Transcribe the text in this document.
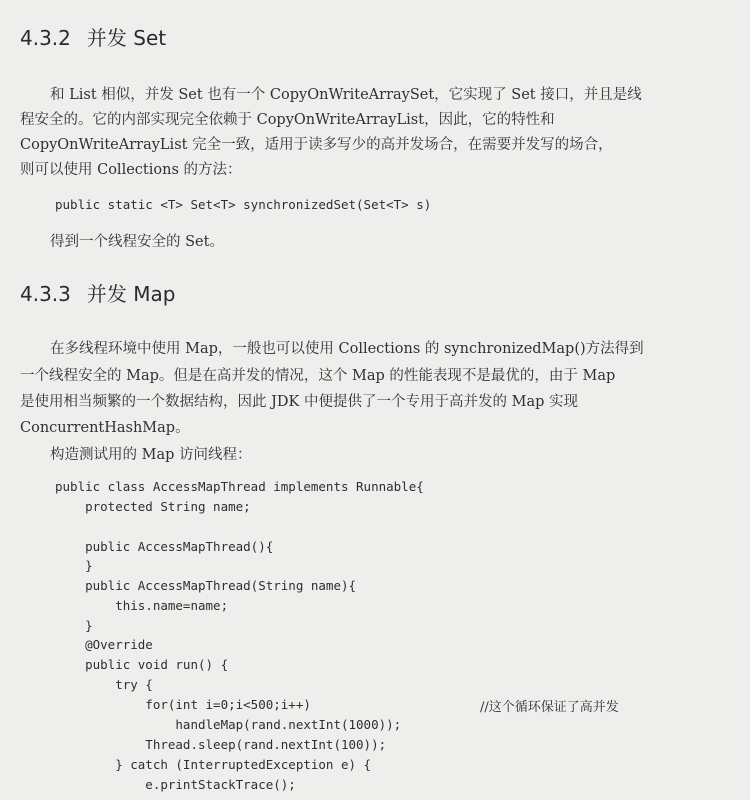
4.3.2 并发 Set
和 List 相似，并发 Set 也有一个 CopyOnWriteArraySet，它实现了 Set 接口，并且是线
程安全的。它的内部实现完全依赖于 CopyOnWriteArrayList，因此，它的特性和
CopyOnWriteArrayList 完全一致，适用于读多写少的高并发场合，在需要并发写的场合，
则可以使用 Collections 的方法：
public static <T> Set<T> synchronizedSet(Set<T> s)
得到一个线程安全的 Set。
4.3.3 并发 Map
在多线程环境中使用 Map，一般也可以使用 Collections 的 synchronizedMap()方法得到
一个线程安全的 Map。但是在高并发的情况，这个 Map 的性能表现不是最优的，由于 Map
是使用相当频繁的一个数据结构，因此 JDK 中便提供了一个专用于高并发的 Map 实现
ConcurrentHashMap。
构造测试用的 Map 访问线程：
public class AccessMapThread implements Runnable{
protected String name;
public AccessMapThread(){
}
public AccessMapThread(String name){
this.name=name;
}
@Override
public void run() {
try {
for(int i=0;i<500;i++)	//这个循环保证了高并发
handleMap(rand.nextInt(1000));
Thread.sleep(rand.nextInt(100));
} catch (InterruptedException e) {
e.printStackTrace();
